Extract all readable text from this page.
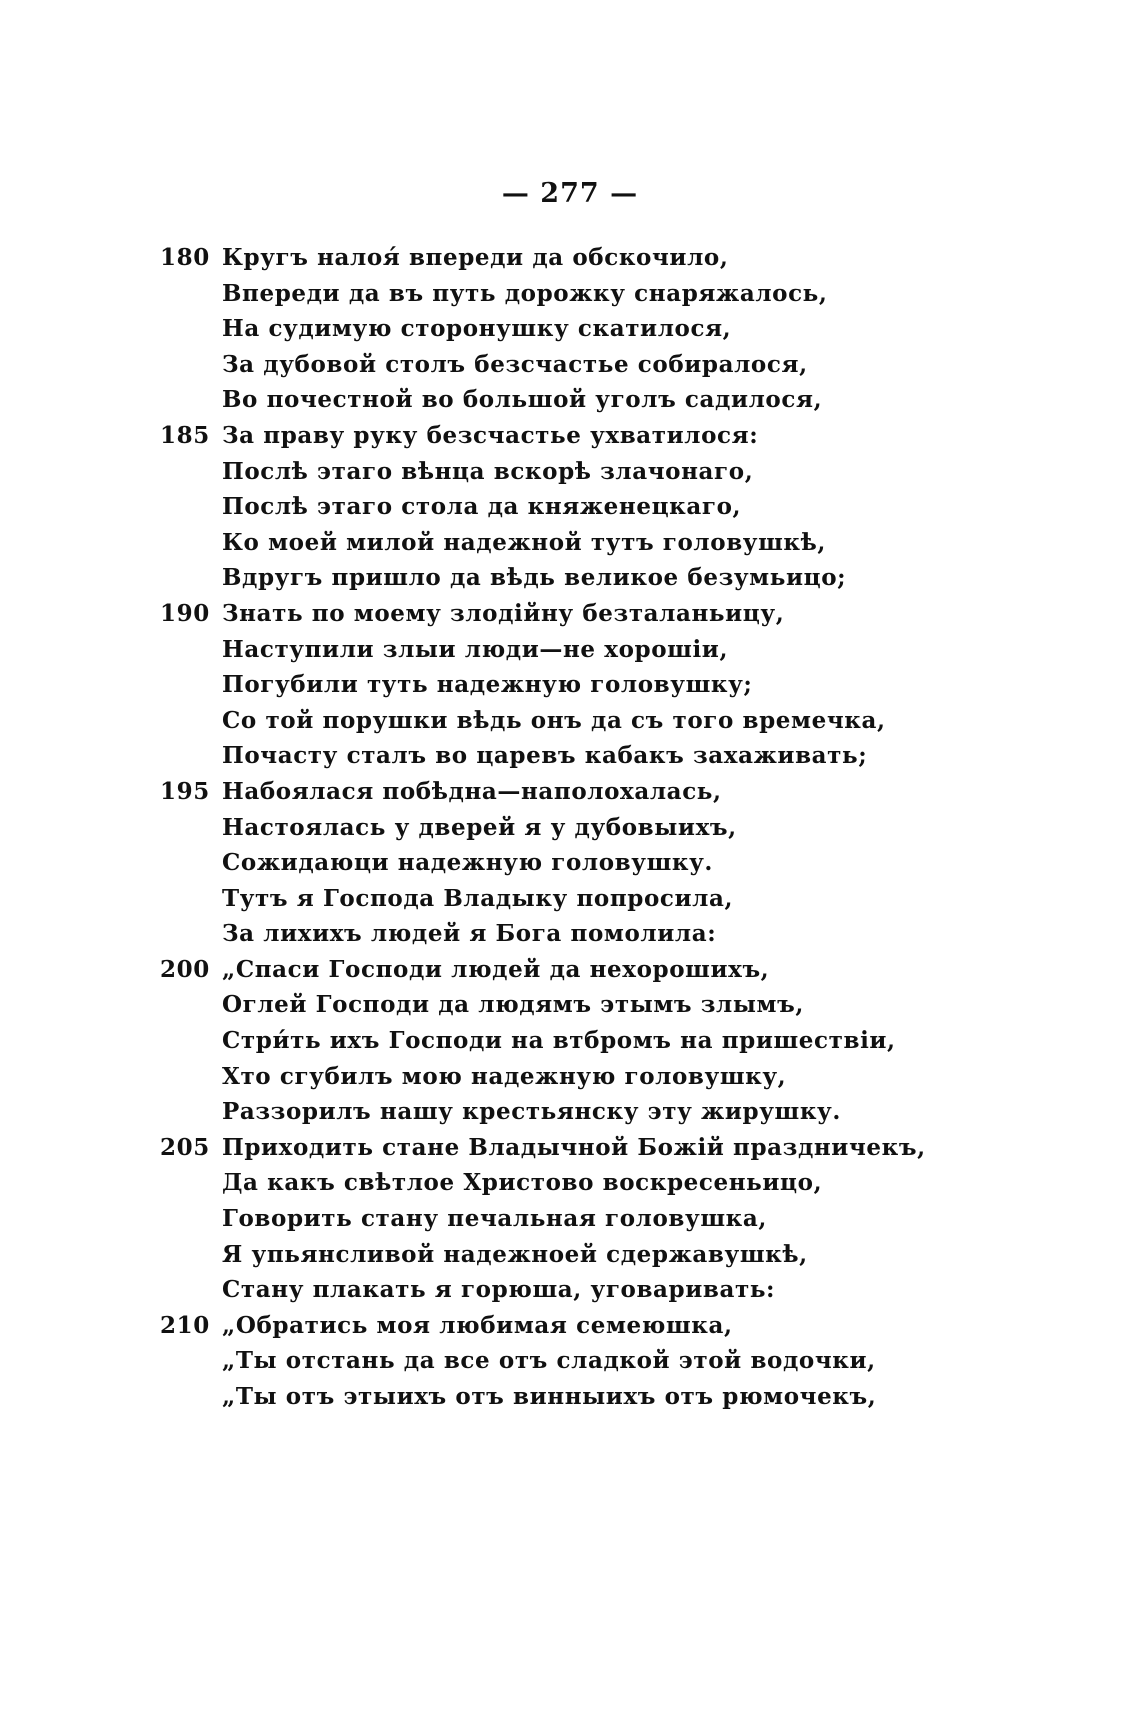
— 277 —
180 Кругъ налоя́ впереди да обскочило,
Впереди да въ путь дорожку снаряжалось,
На судимую сторонушку скатилося,
За дубовой столъ безсчастье собиралося,
Во почестной во большой уголъ садилося,
185 За праву руку безсчастье ухватилося:
Послѣ этаго вѣнца вскорѣ злачонаго,
Послѣ этаго стола да княженецкаго,
Ко моей милой надежной тутъ головушкѣ,
Вдругъ пришло да вѣдь великое безумьицо;
190 Знать по моему злодійну безталаньицу,
Наступили злыи люди—не хорошіи,
Погубили туть надежную головушку;
Со той порушки вѣдь онъ да съ того времечка,
Почасту сталъ во царевъ кабакъ захаживать;
195 Набоялася побѣдна—наполохалась,
Настоялась у дверей я у дубовыихъ,
Сожидаюци надежную головушку.
Тутъ я Господа Владыку попросила,
За лихихъ людей я Бога помолила:
200 „Спаси Господи людей да нехорошихъ,
Оглей Господи да людямъ этымъ злымъ,
Стри́ть ихъ Господи на втбромъ на пришествіи,
Хто сгубилъ мою надежную головушку,
Раззорилъ нашу крестьянску эту жирушку.
205 Приходить стане Владычной Божій праздничекъ,
Да какъ свѣтлое Христово воскресеньицо,
Говорить стану печальная головушка,
Я упьянсливой надежноей сдержавушкѣ,
Стану плакать я горюша, уговаривать:
210 „Обратись моя любимая семеюшка,
„Ты отстань да все отъ сладкой этой водочки,
„Ты отъ этыихъ отъ винныихъ отъ рюмочекъ,
